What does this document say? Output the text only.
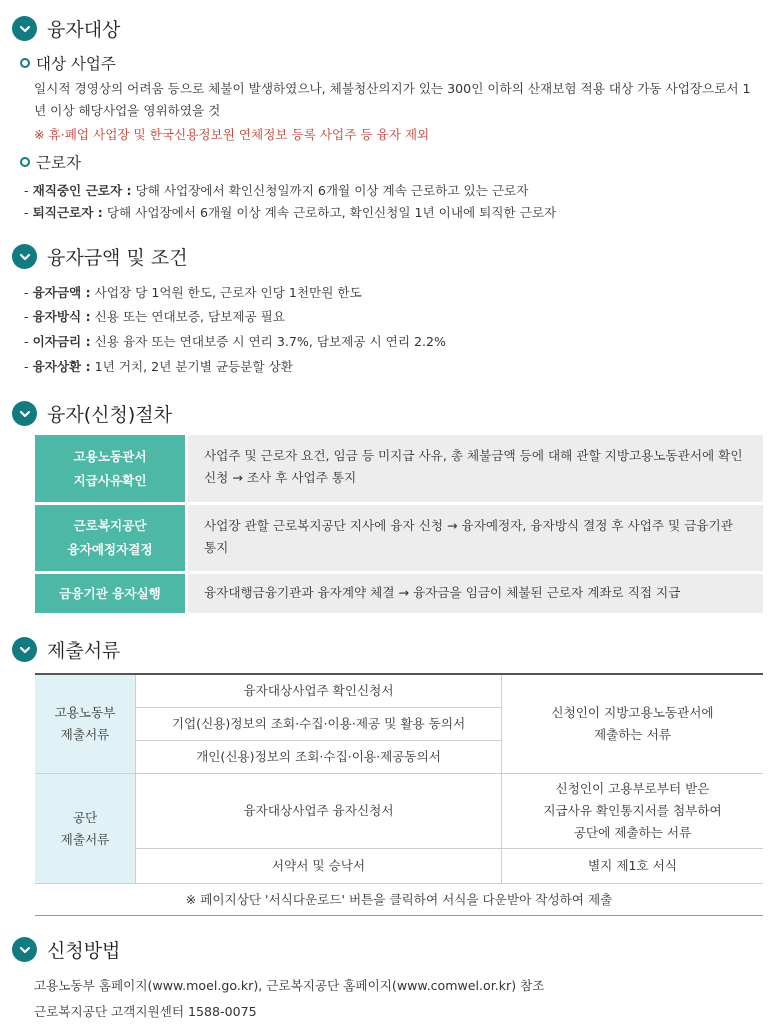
융자대상
대상 사업주
일시적 경영상의 어려움 등으로 체불이 발생하였으나, 체불청산의지가 있는 300인 이하의 산재보험 적용 대상 가동 사업장으로서 1년 이상 해당사업을 영위하였을 것
※ 휴·폐업 사업장 및 한국신용정보원 연체정보 등록 사업주 등 융자 제외
근로자
- 재직중인 근로자 : 당해 사업장에서 확인신청일까지 6개월 이상 계속 근로하고 있는 근로자
- 퇴직근로자 : 당해 사업장에서 6개월 이상 계속 근로하고, 확인신청일 1년 이내에 퇴직한 근로자
융자금액 및 조건
- 융자금액 : 사업장 당 1억원 한도, 근로자 인당 1천만원 한도
- 융자방식 : 신용 또는 연대보증, 담보제공 필요
- 이자금리 : 신용 융자 또는 연대보증 시 연리 3.7%, 담보제공 시 연리 2.2%
- 융자상환 : 1년 거치, 2년 분기별 균등분할 상환
융자(신청)절차
고용노동관서
지급사유확인
사업주 및 근로자 요건, 임금 등 미지급 사유, 총 체불금액 등에 대해 관할 지방고용노동관서에 확인신청 → 조사 후 사업주 통지
근로복지공단
융자예정자결정
사업장 관할 근로복지공단 지사에 융자 신청 → 융자예정자, 융자방식 결정 후 사업주 및 금융기관 통지
금융기관 융자실행	융자대행금융기관과 융자계약 체결 → 융자금을 임금이 체불된 근로자 계좌로 직접 지급
제출서류
고용노동부
제출서류
공단
제출서류
융자대상사업주 확인신청서
기업(신용)정보의 조회·수집·이용·제공 및 활용 동의서
개인(신용)정보의 조회·수집·이용·제공동의서
신청인이 지방고용노동관서에
제출하는 서류
융자대상사업주 융자신청서
신청인이 고용부로부터 받은
지급사유 확인통지서를 첨부하여
공단에 제출하는 서류
서약서 및 승낙서	별지 제1호 서식
※ 페이지상단 '서식다운로드' 버튼을 클릭하여 서식을 다운받아 작성하여 제출
신청방법
고용노동부 홈페이지(www.moel.go.kr), 근로복지공단 홈페이지(www.comwel.or.kr) 참조
근로복지공단 고객지원센터 1588-0075
